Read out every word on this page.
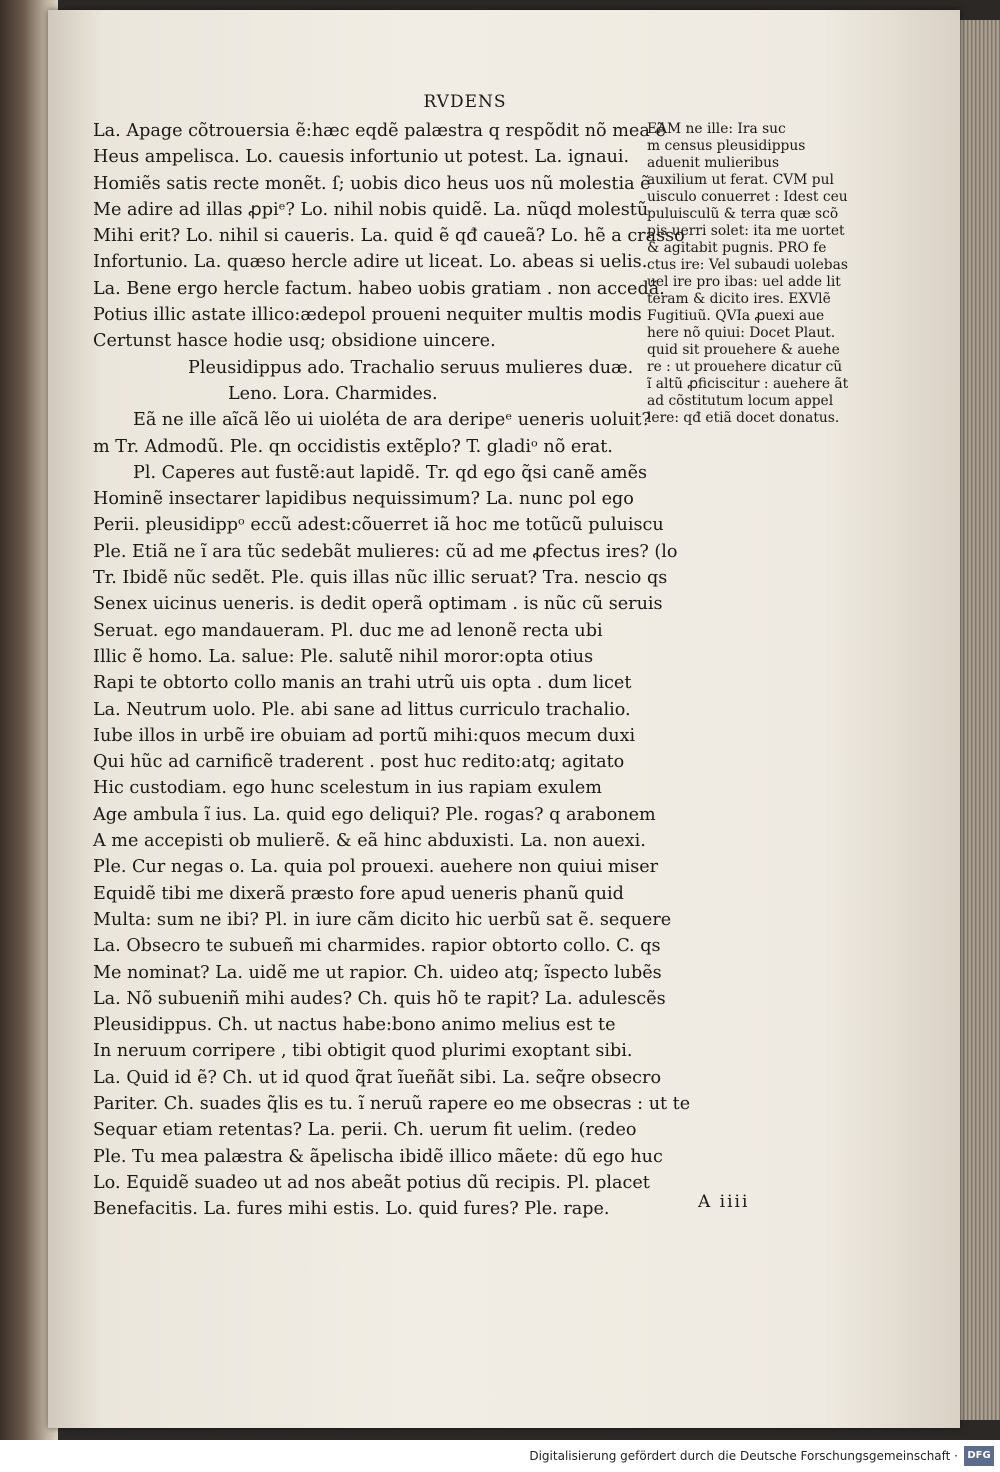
RVDENS
La. Apage cõtrouersia ẽ:hæc eqdẽ palæstra q respõdit nõ mea ẽ
Heus ampelisca. Lo. cauesis infortunio ut potest. La. ignaui.
Homiẽs satis recte monẽt. ſ; uobis dico heus uos nũ molestia ẽ
Me adire ad illas ꝓpiᵉ? Lo. nihil nobis quidẽ. La. nũqd molestũ
Mihi erit? Lo. nihil si caueris. La. quid ẽ qđ caueã? Lo. hẽ a crasso
Infortunio. La. quæso hercle adire ut liceat. Lo. abeas si uelis.
La. Bene ergo hercle factum. habeo uobis gratiam . non accedã.
Potius illic astate illico:ædepol proueni nequiter multis modis
Certunst hasce hodie usq; obsidione uincere.
Pleusidippus ado. Trachalio seruus mulieres duæ.
Leno. Lora. Charmides.
Eã ne ille aĩcã lẽo ui uioléta de ara deripeᵉ ueneris uoluit?
m Tr. Admodũ. Ple. qn occidistis extẽplo? T. gladiᵒ nõ erat.
Pl. Caperes aut fustẽ:aut lapidẽ. Tr. qd ego q̃si canẽ amẽs
Hominẽ insectarer lapidibus nequissimum? La. nunc pol ego
Perii. pleusidippᵒ eccũ adest:cõuerret iã hoc me totũcũ puluiscu
Ple. Etiã ne ĩ ara tũc sedebãt mulieres: cũ ad me ꝓfectus ires? (lo
Tr. Ibidẽ nũc sedẽt. Ple. quis illas nũc illic seruat? Tra. nescio qs
Senex uicinus ueneris. is dedit operã optimam . is nũc cũ seruis
Seruat. ego mandaueram. Pl. duc me ad lenonẽ recta ubi
Illic ẽ homo. La. salue: Ple. salutẽ nihil moror:opta otius
Rapi te obtorto collo manis an trahi utrũ uis opta . dum licet
La. Neutrum uolo. Ple. abi sane ad littus curriculo trachalio.
Iube illos in urbẽ ire obuiam ad portũ mihi:quos mecum duxi
Qui hũc ad carnificẽ traderent . post huc redito:atq; agitato
Hic custodiam. ego hunc scelestum in ius rapiam exulem
Age ambula ĩ ius. La. quid ego deliqui? Ple. rogas? q arabonem
A me accepisti ob mulierẽ. & eã hinc abduxisti. La. non auexi.
Ple. Cur negas o. La. quia pol prouexi. auehere non quiui miser
Equidẽ tibi me dixerã præsto fore apud ueneris phanũ quid
Multa: sum ne ibi? Pl. in iure cãm dicito hic uerbũ sat ẽ. sequere
La. Obsecro te subueñ mi charmides. rapior obtorto collo. C. qs
Me nominat? La. uidẽ me ut rapior. Ch. uideo atq; ĩspecto lubẽs
La. Nõ subueniñ mihi audes? Ch. quis hõ te rapit? La. adulescẽs
Pleusidippus. Ch. ut nactus habe:bono animo melius est te
In neruum corripere , tibi obtigit quod plurimi exoptant sibi.
La. Quid id ẽ? Ch. ut id quod q̃rat ĩueñãt sibi. La. seq̃re obsecro
Pariter. Ch. suades q̃lis es tu. ĩ neruũ rapere eo me obsecras : ut te
Sequar etiam retentas? La. perii. Ch. uerum fit uelim. (redeo
Ple. Tu mea palæstra & ãpelischa ibidẽ illico mãete: dũ ego huc
Lo. Equidẽ suadeo ut ad nos abeãt potius dũ recipis. Pl. placet
Benefacitis. La. fures mihi estis. Lo. quid fures? Ple. rape.
EAM ne ille: Ira suc
m census pleusidippus
aduenit mulieribus
auxilium ut ferat. CVM pul
uisculo conuerret : Idest ceu
puluisculũ & terra quæ scõ
pis uerri solet: ita me uortet
& agitabit pugnis. PRO fe
ctus ire: Vel subaudi uolebas
uel ire pro ibas: uel adde lit
teram & dicito ires. EXVlẽ
Fugitiuũ. QVIa ꝓuexi aue
here nõ quiui: Docet Plaut.
quid sit prouehere & auehe
re : ut prouehere dicatur cũ
ĩ altũ ꝓficiscitur : auehere ãt
ad cõstitutum locum appel
lere: qđ etiã docet donatus.
A iiii
Digitalisierung gefördert durch die Deutsche Forschungsgemeinschaft · DFG
